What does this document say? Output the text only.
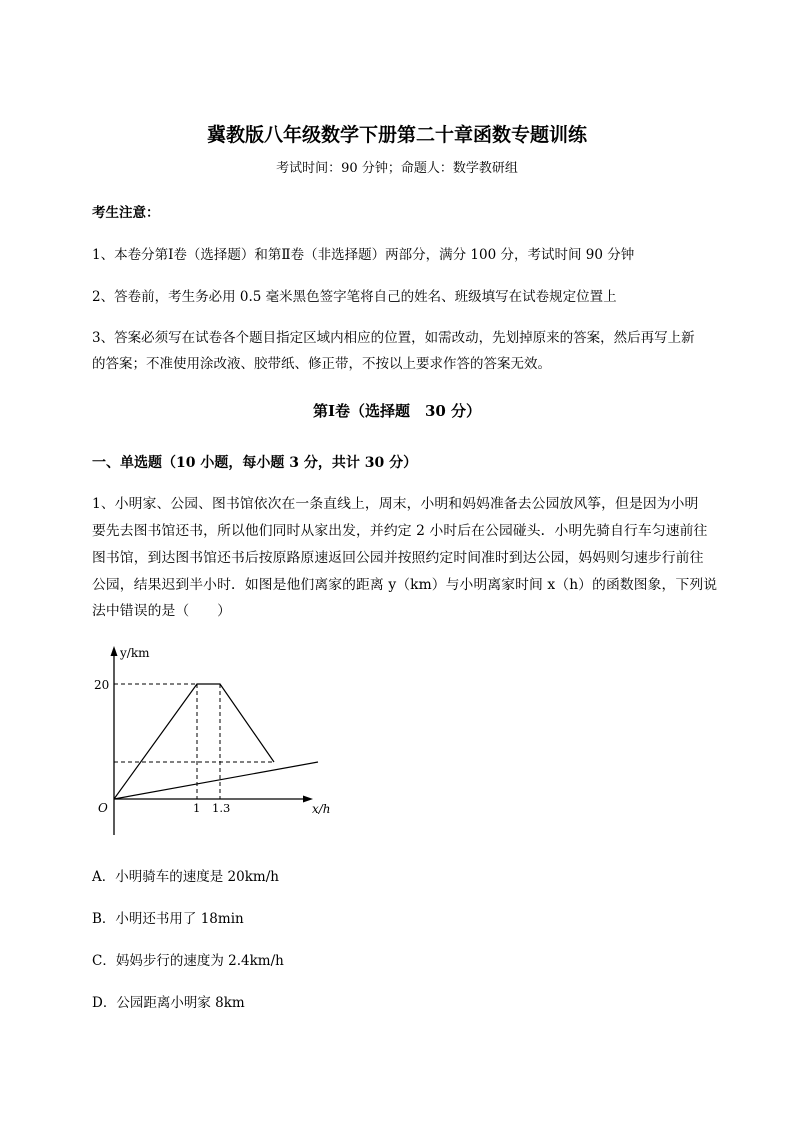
冀教版八年级数学下册第二十章函数专题训练
考试时间：90 分钟；命题人：数学教研组
考生注意：
1、本卷分第Ⅰ卷（选择题）和第Ⅱ卷（非选择题）两部分，满分 100 分，考试时间 90 分钟
2、答卷前，考生务必用 0.5 毫米黑色签字笔将自己的姓名、班级填写在试卷规定位置上
3、答案必须写在试卷各个题目指定区域内相应的位置，如需改动，先划掉原来的答案，然后再写上新
的答案；不准使用涂改液、胶带纸、修正带，不按以上要求作答的答案无效。
第Ⅰ卷（选择题　30 分）
一、单选题（10 小题，每小题 3 分，共计 30 分）
1、小明家、公园、图书馆依次在一条直线上，周末，小明和妈妈准备去公园放风筝，但是因为小明
要先去图书馆还书，所以他们同时从家出发，并约定 2 小时后在公园碰头．小明先骑自行车匀速前往
图书馆，到达图书馆还书后按原路原速返回公园并按照约定时间准时到达公园，妈妈则匀速步行前往
公园，结果迟到半小时．如图是他们离家的距离 y（km）与小明离家时间 x（h）的函数图象，下列说
法中错误的是（　　）
y/km
20
O	1 1.3	x/h
A．小明骑车的速度是 20km/h
B．小明还书用了 18min
C．妈妈步行的速度为 2.4km/h
D．公园距离小明家 8km
